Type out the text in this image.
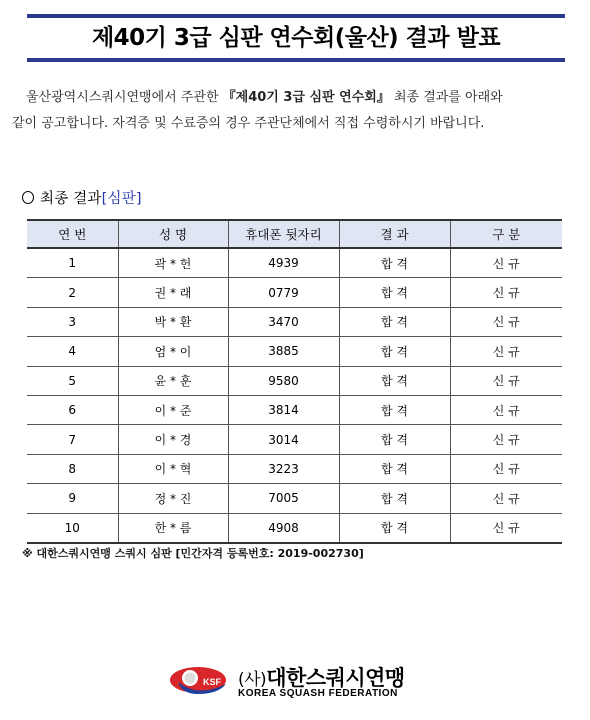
제40기 3급 심판 연수회(울산) 결과 발표
울산광역시스쿼시연맹에서 주관한 『제40기 3급 심판 연수회』 최종 결과를 아래와
같이 공고합니다. 자격증 및 수료증의 경우 주관단체에서 직접 수령하시기 바랍니다.
최종 결과[심판]
연 번	성 명	휴대폰 뒷자리	결 과	구 분
1	곽 * 헌	4939	합 격	신 규
2	권 * 래	0779	합 격	신 규
3	박 * 환	3470	합 격	신 규
4	엄 * 이	3885	합 격	신 규
5	윤 * 훈	9580	합 격	신 규
6	이 * 준	3814	합 격	신 규
7	이 * 경	3014	합 격	신 규
8	이 * 혁	3223	합 격	신 규
9	정 * 진	7005	합 격	신 규
10	한 * 름	4908	합 격	신 규
※ 대한스쿼시연맹 스쿼시 심판 [민간자격 등록번호: 2019-002730]
KSF (사)대한스쿼시연맹
KOREA SQUASH FEDERATION
